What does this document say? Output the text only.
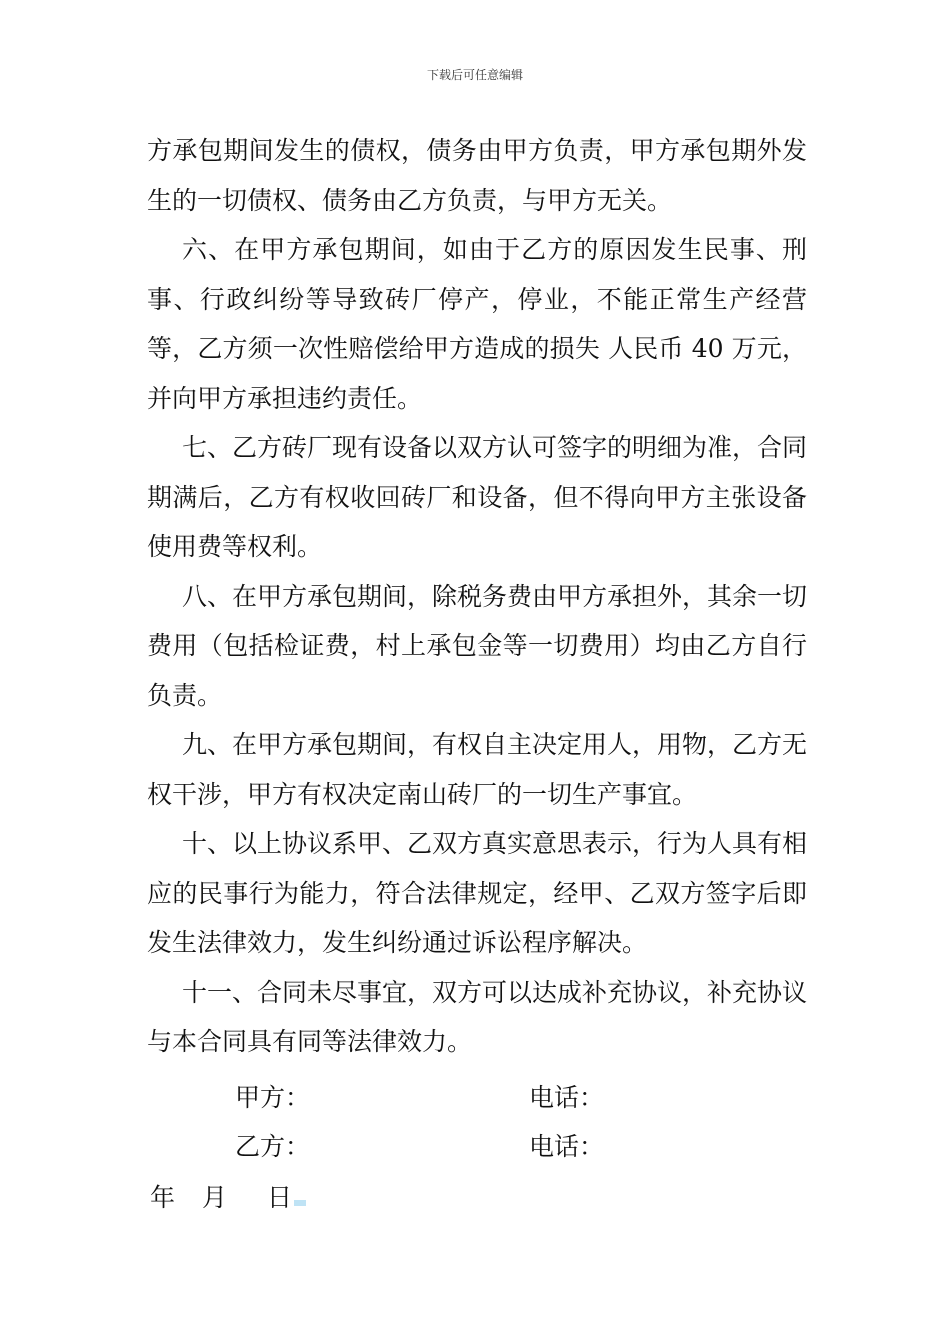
下载后可任意编辑

方承包期间发生的债权，债务由甲方负责，甲方承包期外发生的一切债权、债务由乙方负责，与甲方无关。

六、在甲方承包期间，如由于乙方的原因发生民事、刑事、行政纠纷等导致砖厂停产，停业，不能正常生产经营等，乙方须一次性赔偿给甲方造成的损失 人民币 40 万元，并向甲方承担违约责任。

七、乙方砖厂现有设备以双方认可签字的明细为准，合同期满后，乙方有权收回砖厂和设备，但不得向甲方主张设备使用费等权利。

八、在甲方承包期间，除税务费由甲方承担外，其余一切费用（包括检证费，村上承包金等一切费用）均由乙方自行负责。

九、在甲方承包期间，有权自主决定用人，用物，乙方无权干涉，甲方有权决定南山砖厂的一切生产事宜。

十、以上协议系甲、乙双方真实意思表示，行为人具有相应的民事行为能力，符合法律规定，经甲、乙双方签字后即发生法律效力，发生纠纷通过诉讼程序解决。

十一、合同未尽事宜，双方可以达成补充协议，补充协议与本合同具有同等法律效力。

甲方：	电话：
乙方：	电话：
年 月 日
